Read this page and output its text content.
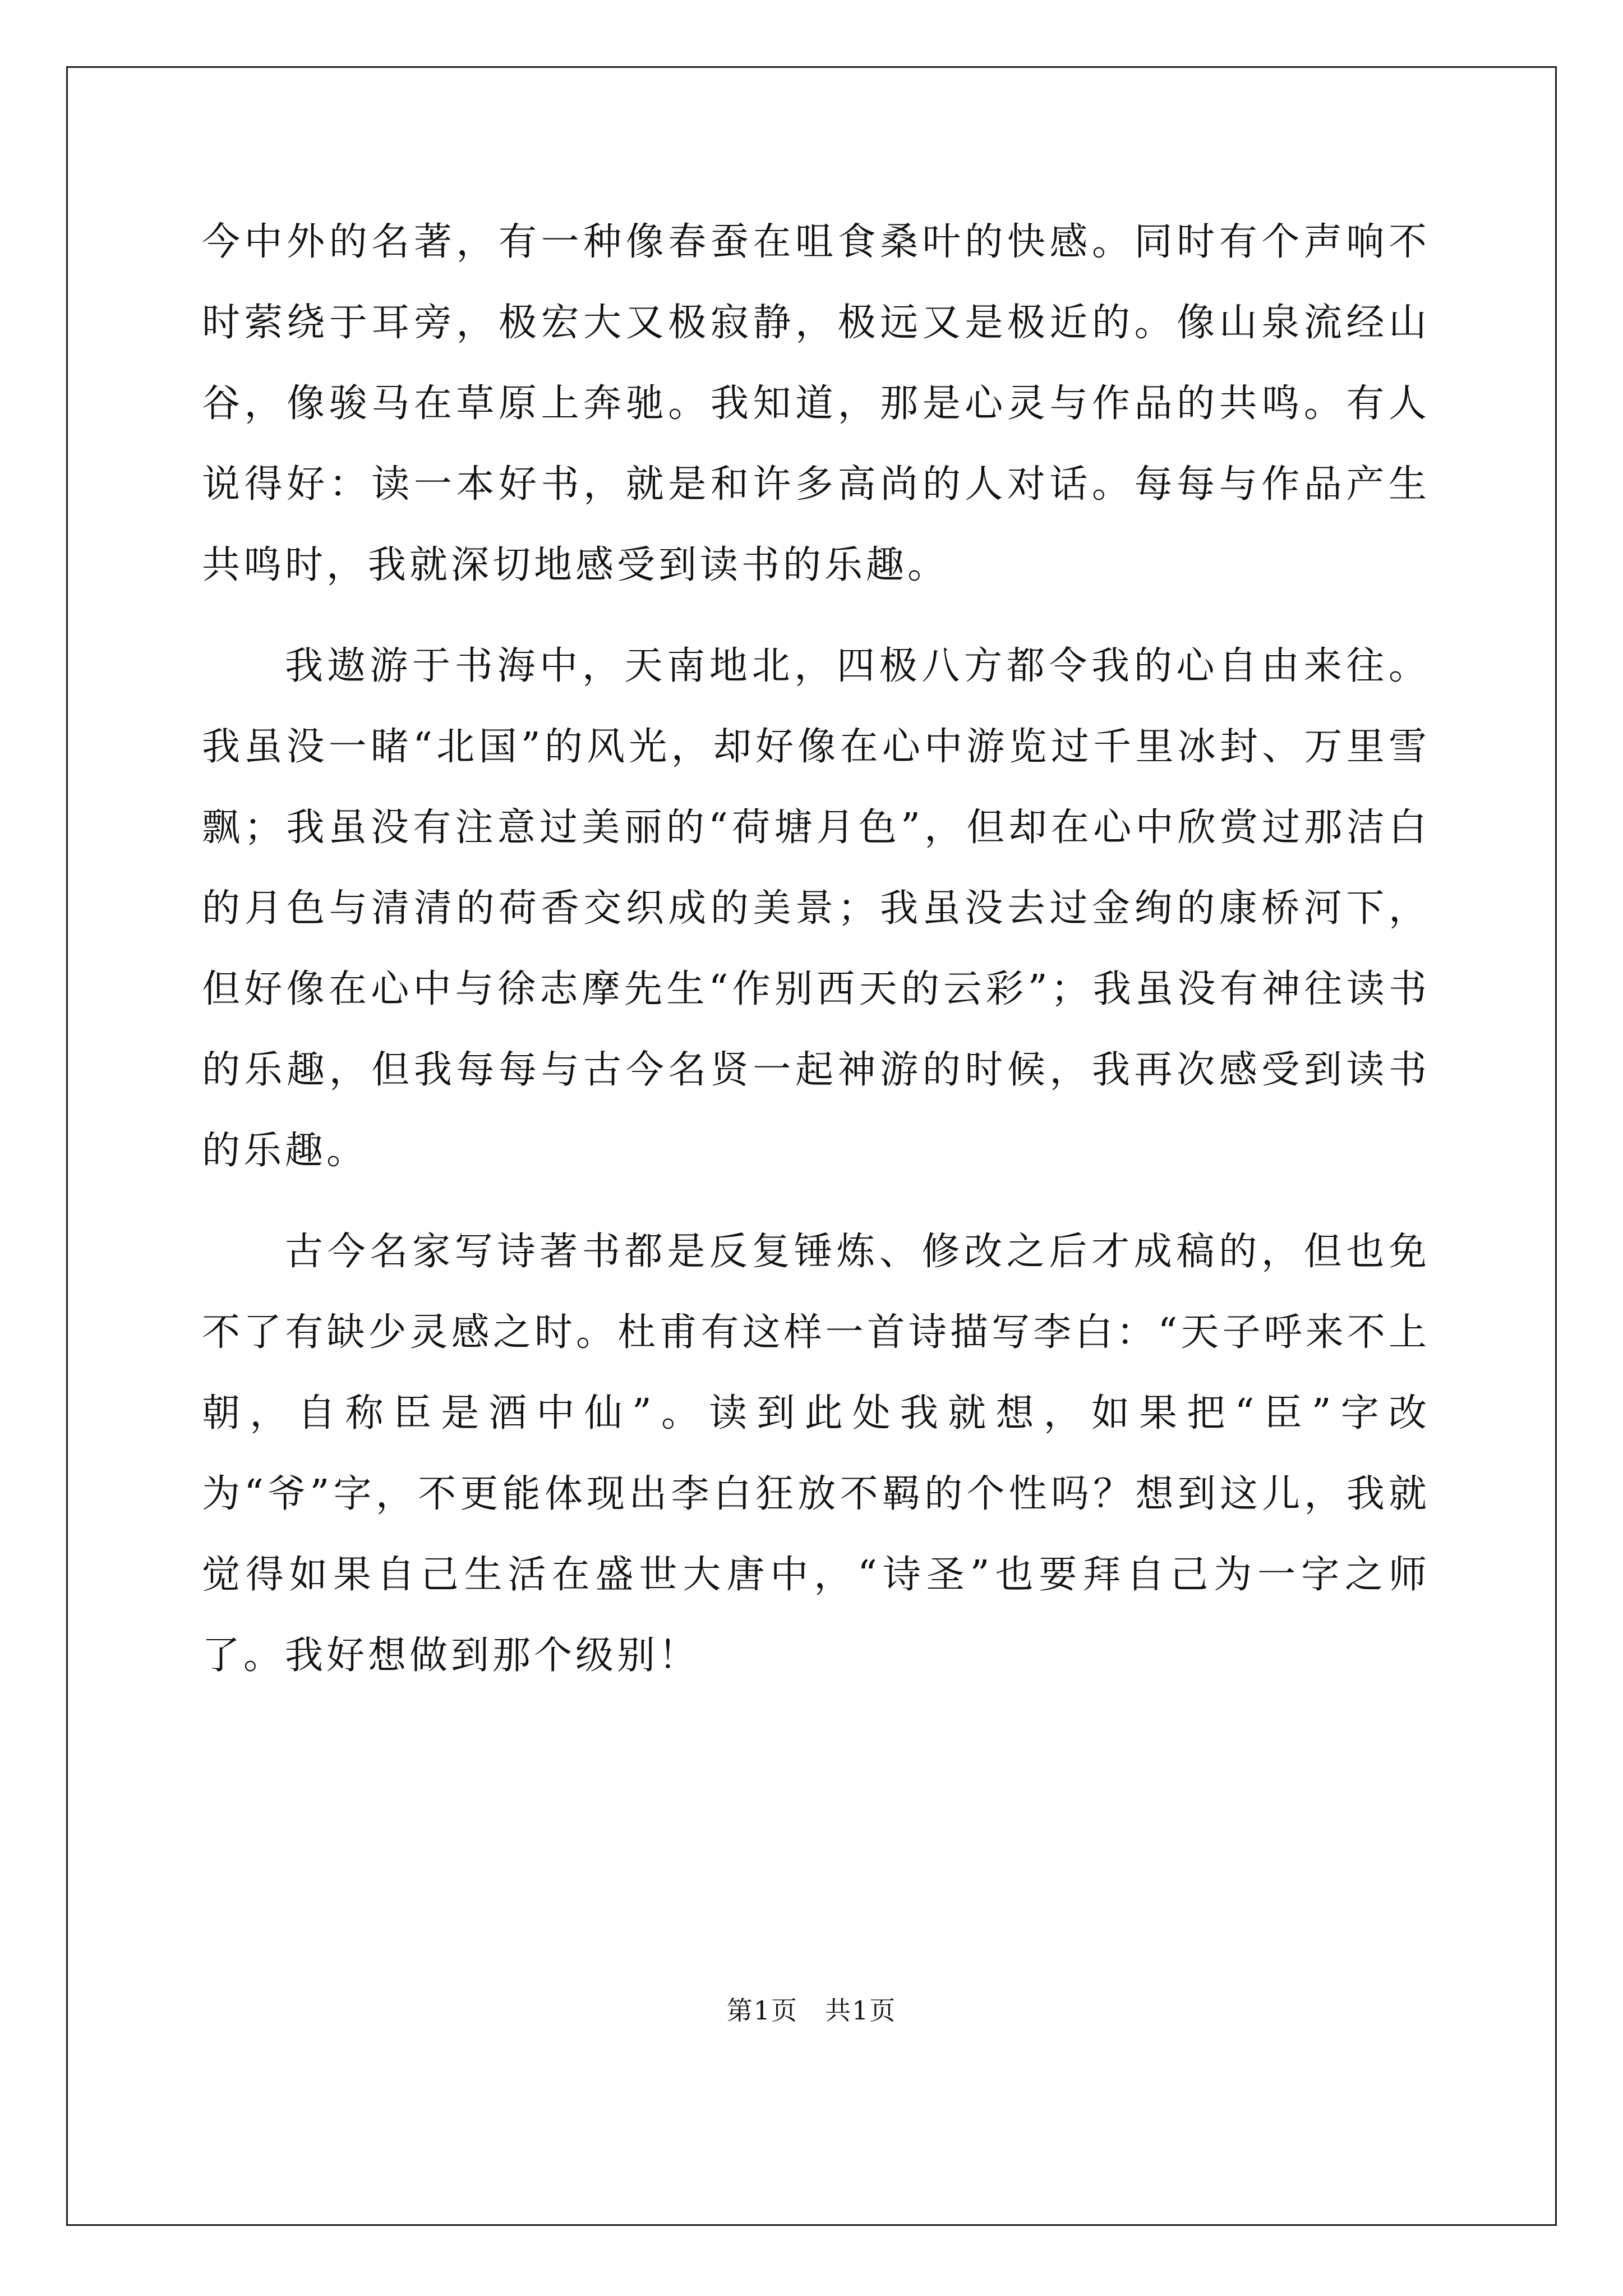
今中外的名著，有一种像春蚕在咀食桑叶的快感。同时有个声响不时萦绕于耳旁，极宏大又极寂静，极远又是极近的。像山泉流经山谷，像骏马在草原上奔驰。我知道，那是心灵与作品的共鸣。有人说得好：读一本好书，就是和许多高尚的人对话。每每与作品产生共鸣时，我就深切地感受到读书的乐趣。

我遨游于书海中，天南地北，四极八方都令我的心自由来往。我虽没一睹“北国”的风光，却好像在心中游览过千里冰封、万里雪飘；我虽没有注意过美丽的“荷塘月色”，但却在心中欣赏过那洁白的月色与清清的荷香交织成的美景；我虽没去过金绚的康桥河下，但好像在心中与徐志摩先生“作别西天的云彩”；我虽没有神往读书的乐趣，但我每每与古今名贤一起神游的时候，我再次感受到读书的乐趣。

古今名家写诗著书都是反复锤炼、修改之后才成稿的，但也免不了有缺少灵感之时。杜甫有这样一首诗描写李白：“天子呼来不上朝，自称臣是酒中仙”。读到此处我就想，如果把“臣”字改为“爷”字，不更能体现出李白狂放不羁的个性吗？想到这儿，我就觉得如果自己生活在盛世大唐中，“诗圣”也要拜自己为一字之师了。我好想做到那个级别！

第1页 共1页
